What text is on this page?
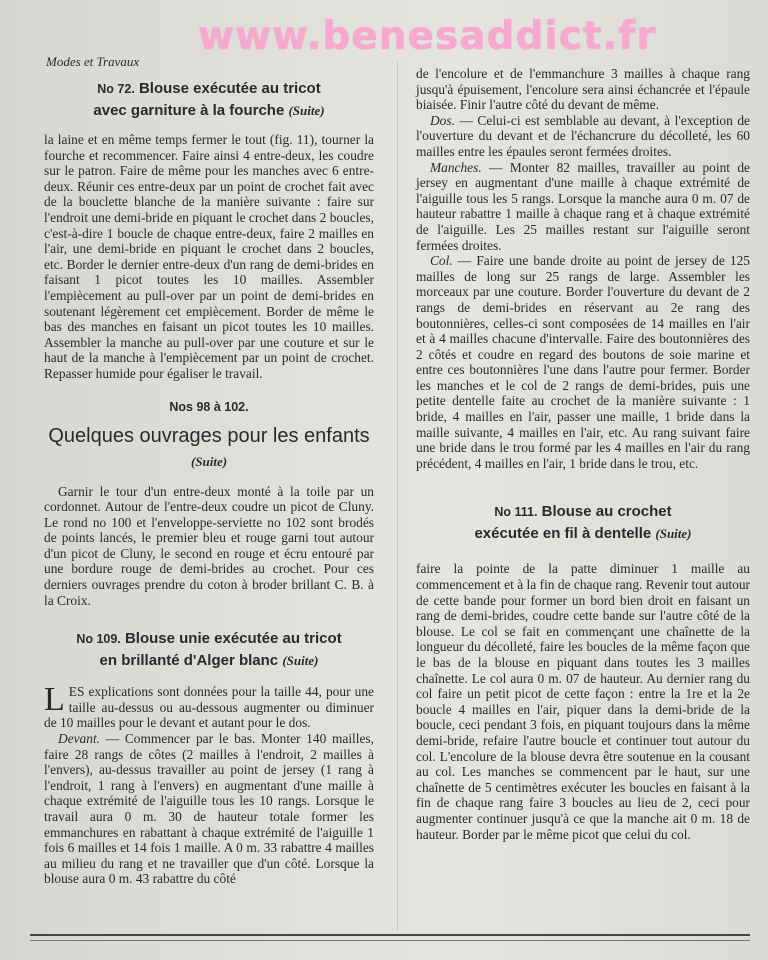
Modes et Travaux
No 72. Blouse exécutée au tricot
avec garniture à la fourche (Suite)

la laine et en même temps fermer le tout (fig. 11), tourner la fourche et recommencer. Faire ainsi 4 entre-deux, les coudre sur le patron. Faire de même pour les manches avec 6 entre-deux. Réunir ces entre-deux par un point de crochet fait avec de la bouclette blanche de la manière suivante : faire sur l'endroit une demi-bride en piquant le crochet dans 2 boucles, c'est-à-dire 1 boucle de chaque entre-deux, faire 2 mailles en l'air, une demi-bride en piquant le crochet dans 2 boucles, etc. Border le dernier entre-deux d'un rang de demi-brides en faisant 1 picot toutes les 10 mailles. Assembler l'empiècement au pull-over par un point de demi-brides en soutenant légèrement cet empiècement. Border de même le bas des manches en faisant un picot toutes les 10 mailles. Assembler la manche au pull-over par une couture et sur le haut de la manche à l'empiècement par un point de crochet. Repasser humide pour égaliser le travail.

Nos 98 à 102.

Quelques ouvrages pour les enfants (Suite)

Garnir le tour d'un entre-deux monté à la toile par un cordonnet. Autour de l'entre-deux coudre un picot de Cluny. Le rond no 100 et l'enveloppe-serviette no 102 sont brodés de points lancés, le premier bleu et rouge garni tout autour d'un picot de Cluny, le second en rouge et écru entouré par une bordure rouge de demi-brides au crochet. Pour ces derniers ouvrages prendre du coton à broder brillant C. B. à la Croix.

No 109. Blouse unie exécutée au tricot
en brillanté d'Alger blanc (Suite)

LES explications sont données pour la taille 44, pour une taille au-dessus ou au-dessous augmenter ou diminuer de 10 mailles pour le devant et autant pour le dos.

Devant. — Commencer par le bas. Monter 140 mailles, faire 28 rangs de côtes (2 mailles à l'endroit, 2 mailles à l'envers), au-dessus travailler au point de jersey (1 rang à l'endroit, 1 rang à l'envers) en augmentant d'une maille à chaque extrémité de l'aiguille tous les 10 rangs. Lorsque le travail aura 0 m. 30 de hauteur totale former les emmanchures en rabattant à chaque extrémité de l'aiguille 1 fois 6 mailles et 14 fois 1 maille. A 0 m. 33 rabattre 4 mailles au milieu du rang et ne travailler que d'un côté. Lorsque la blouse aura 0 m. 43 rabattre du côté

de l'encolure et de l'emmanchure 3 mailles à chaque rang jusqu'à épuisement, l'encolure sera ainsi échancrée et l'épaule biaisée. Finir l'autre côté du devant de même.

Dos. — Celui-ci est semblable au devant, à l'exception de l'ouverture du devant et de l'échancrure du décolleté, les 60 mailles entre les épaules seront fermées droites.

Manches. — Monter 82 mailles, travailler au point de jersey en augmentant d'une maille à chaque extrémité de l'aiguille tous les 5 rangs. Lorsque la manche aura 0 m. 07 de hauteur rabattre 1 maille à chaque rang et à chaque extrémité de l'aiguille. Les 25 mailles restant sur l'aiguille seront fermées droites.

Col. — Faire une bande droite au point de jersey de 125 mailles de long sur 25 rangs de large. Assembler les morceaux par une couture. Border l'ouverture du devant de 2 rangs de demi-brides en réservant au 2e rang des boutonnières, celles-ci sont composées de 14 mailles en l'air et à 4 mailles chacune d'intervalle. Faire des boutonnières des 2 côtés et coudre en regard des boutons de soie marine et entre ces boutonnières l'une dans l'autre pour fermer. Border les manches et le col de 2 rangs de demi-brides, puis une petite dentelle faite au crochet de la manière suivante : 1 bride, 4 mailles en l'air, passer une maille, 1 bride dans la maille suivante, 4 mailles en l'air, etc. Au rang suivant faire une bride dans le trou formé par les 4 mailles en l'air du rang précédent, 4 mailles en l'air, 1 bride dans le trou, etc.

No 111. Blouse au crochet
exécutée en fil à dentelle (Suite)

faire la pointe de la patte diminuer 1 maille au commencement et à la fin de chaque rang. Revenir tout autour de cette bande pour former un bord bien droit en faisant un rang de demi-brides, coudre cette bande sur l'autre côté de la blouse. Le col se fait en commençant une chaînette de la longueur du décolleté, faire les boucles de la même façon que le bas de la blouse en piquant dans toutes les 3 mailles chaînette. Le col aura 0 m. 07 de hauteur. Au dernier rang du col faire un petit picot de cette façon : entre la 1re et la 2e boucle 4 mailles en l'air, piquer dans la demi-bride de la boucle, ceci pendant 3 fois, en piquant toujours dans la même demi-bride, refaire l'autre boucle et continuer tout autour du col. L'encolure de la blouse devra être soutenue en la cousant au col. Les manches se commencent par le haut, sur une chaînette de 5 centimètres exécuter les boucles en faisant à la fin de chaque rang faire 3 boucles au lieu de 2, ceci pour augmenter continuer jusqu'à ce que la manche ait 0 m. 18 de hauteur. Border par le même picot que celui du col.

www.benesaddict.fr
